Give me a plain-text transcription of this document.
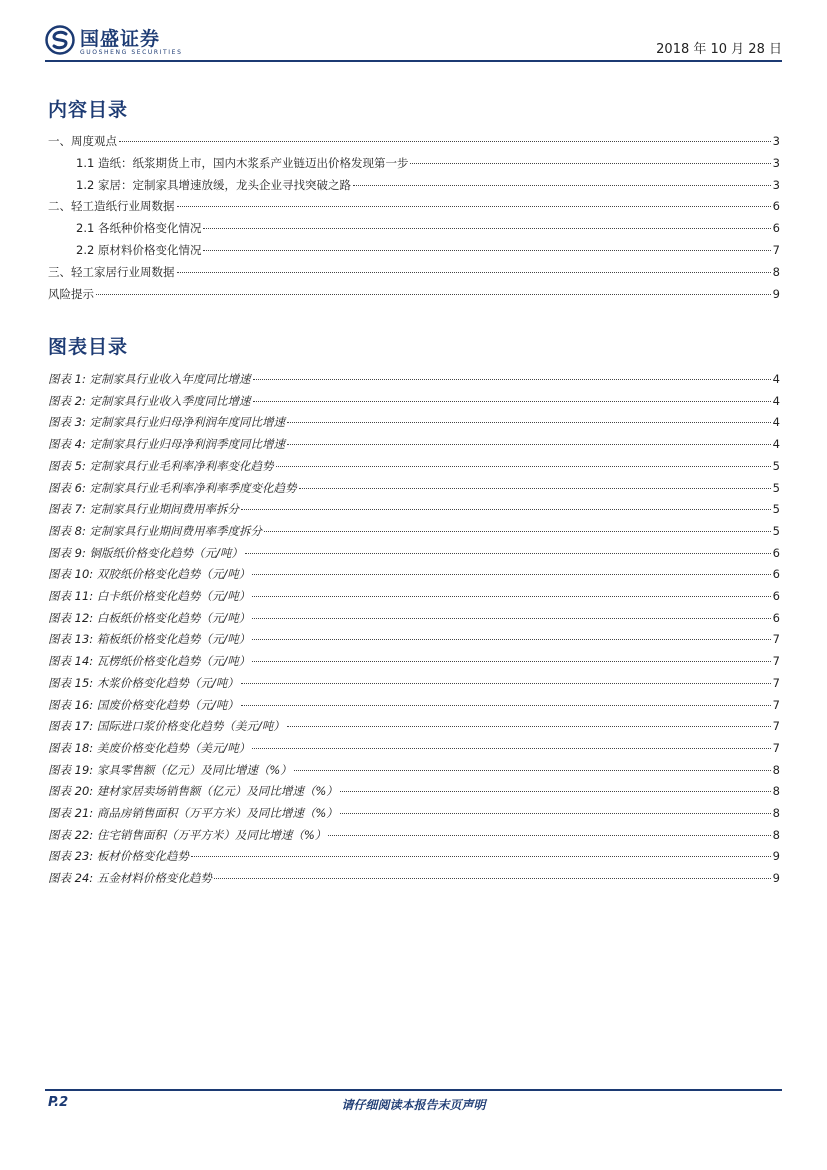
国盛证券
GUOSHENG SECURITIES	2018 年 10 月 28 日
内容目录
一、周度观点	3
1.1 造纸：纸浆期货上市，国内木浆系产业链迈出价格发现第一步	3
1.2 家居：定制家具增速放缓，龙头企业寻找突破之路	3
二、轻工造纸行业周数据	6
2.1 各纸种价格变化情况	6
2.2 原材料价格变化情况	7
三、轻工家居行业周数据	8
风险提示	9
图表目录
图表 1: 定制家具行业收入年度同比增速	4
图表 2: 定制家具行业收入季度同比增速	4
图表 3: 定制家具行业归母净利润年度同比增速	4
图表 4: 定制家具行业归母净利润季度同比增速	4
图表 5: 定制家具行业毛利率净利率变化趋势	5
图表 6: 定制家具行业毛利率净利率季度变化趋势	5
图表 7: 定制家具行业期间费用率拆分	5
图表 8: 定制家具行业期间费用率季度拆分	5
图表 9: 铜版纸价格变化趋势（元/吨）	6
图表 10: 双胶纸价格变化趋势（元/吨）	6
图表 11: 白卡纸价格变化趋势（元/吨）	6
图表 12: 白板纸价格变化趋势（元/吨）	6
图表 13: 箱板纸价格变化趋势（元/吨）	7
图表 14: 瓦楞纸价格变化趋势（元/吨）	7
图表 15: 木浆价格变化趋势（元/吨）	7
图表 16: 国废价格变化趋势（元/吨）	7
图表 17: 国际进口浆价格变化趋势（美元/吨）	7
图表 18: 美废价格变化趋势（美元/吨）	7
图表 19: 家具零售额（亿元）及同比增速（%）	8
图表 20: 建材家居卖场销售额（亿元）及同比增速（%）	8
图表 21: 商品房销售面积（万平方米）及同比增速（%）	8
图表 22: 住宅销售面积（万平方米）及同比增速（%）	8
图表 23: 板材价格变化趋势	9
图表 24: 五金材料价格变化趋势	9
P.2	请仔细阅读本报告末页声明
